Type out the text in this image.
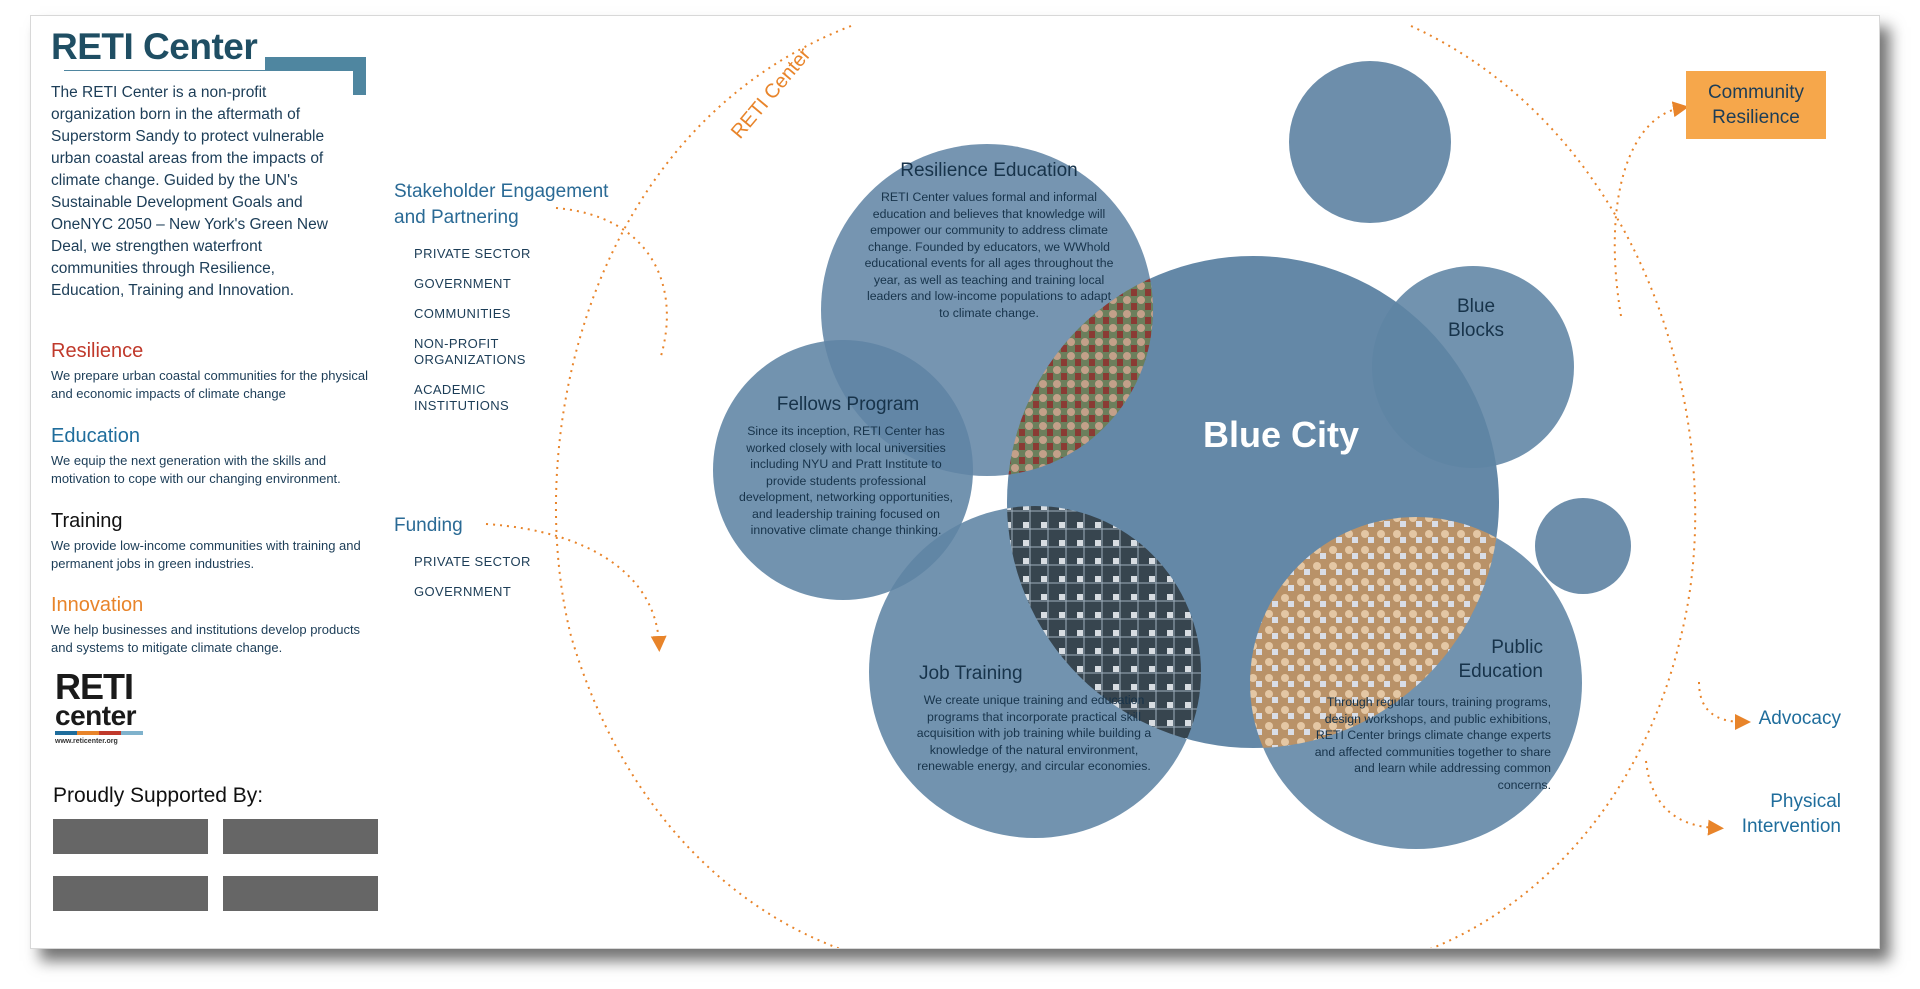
RETI Center

The RETI Center is a non-profit organization born in the aftermath of Superstorm Sandy to protect vulnerable urban coastal areas from the impacts of climate change. Guided by the UN's Sustainable Development Goals and OneNYC 2050 – New York's Green New Deal, we strengthen waterfront communities through Resilience, Education, Training and Innovation.

Resilience

We prepare urban coastal communities for the physical and economic impacts of climate change

Education

We equip the next generation with the skills and motivation to cope with our changing environment.

Training

We provide low-income communities with training and permanent jobs in green industries.

Innovation

We help businesses and institutions develop products and systems to mitigate climate change.

RETI
center
www.reticenter.org
Proudly Supported By:
Stakeholder Engagement and Partnering
PRIVATE SECTOR
GOVERNMENT
COMMUNITIES
NON-PROFIT ORGANIZATIONS
ACADEMIC INSTITUTIONS
Funding
PRIVATE SECTOR
GOVERNMENT
RETI Center
Resilience Education

RETI Center values formal and informal education and believes that knowledge will empower our community to address climate change. Founded by educators, we WWhold educational events for all ages throughout the year, as well as teaching and training local leaders and low-income populations to adapt to climate change.

Fellows Program

Since its inception, RETI Center has worked closely with local universities including NYU and Pratt Institute to provide students professional development, networking opportunities, and leadership training focused on innovative climate change thinking.

Blue City
Blue Blocks
Job Training

We create unique training and education programs that incorporate practical skill acquisition with job training while building a knowledge of the natural environment, renewable energy, and circular economies.

Public Education

Through regular tours, training programs, design workshops, and public exhibitions, RETI Center brings climate change experts and affected communities together to share and learn while addressing common concerns.

Community Resilience
Advocacy
Physical Intervention
